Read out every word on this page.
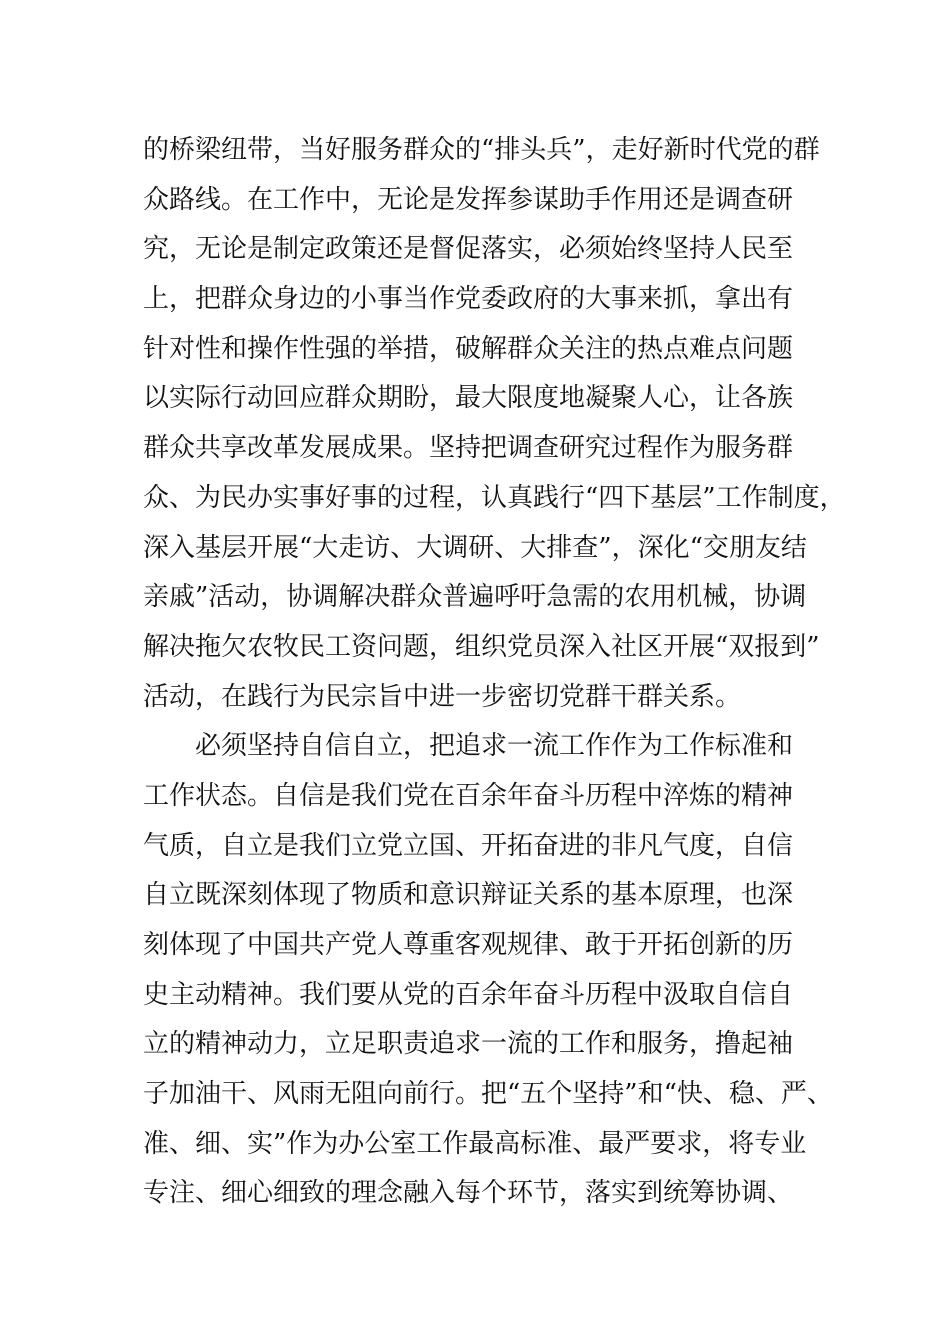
的桥梁纽带，当好服务群众的“排头兵”，走好新时代党的群
众路线。在工作中，无论是发挥参谋助手作用还是调查研
究，无论是制定政策还是督促落实，必须始终坚持人民至
上，把群众身边的小事当作党委政府的大事来抓，拿出有
针对性和操作性强的举措，破解群众关注的热点难点问题
以实际行动回应群众期盼，最大限度地凝聚人心，让各族
群众共享改革发展成果。坚持把调查研究过程作为服务群
众、为民办实事好事的过程，认真践行“四下基层”工作制度，
深入基层开展“大走访、大调研、大排查”，深化“交朋友结
亲戚”活动，协调解决群众普遍呼吁急需的农用机械，协调
解决拖欠农牧民工资问题，组织党员深入社区开展“双报到”
活动，在践行为民宗旨中进一步密切党群干群关系。
必须坚持自信自立，把追求一流工作作为工作标准和
工作状态。自信是我们党在百余年奋斗历程中淬炼的精神
气质，自立是我们立党立国、开拓奋进的非凡气度，自信
自立既深刻体现了物质和意识辩证关系的基本原理，也深
刻体现了中国共产党人尊重客观规律、敢于开拓创新的历
史主动精神。我们要从党的百余年奋斗历程中汲取自信自
立的精神动力，立足职责追求一流的工作和服务，撸起袖
子加油干、风雨无阻向前行。把“五个坚持”和“快、稳、严、
准、细、实”作为办公室工作最高标准、最严要求，将专业
专注、细心细致的理念融入每个环节，落实到统筹协调、
